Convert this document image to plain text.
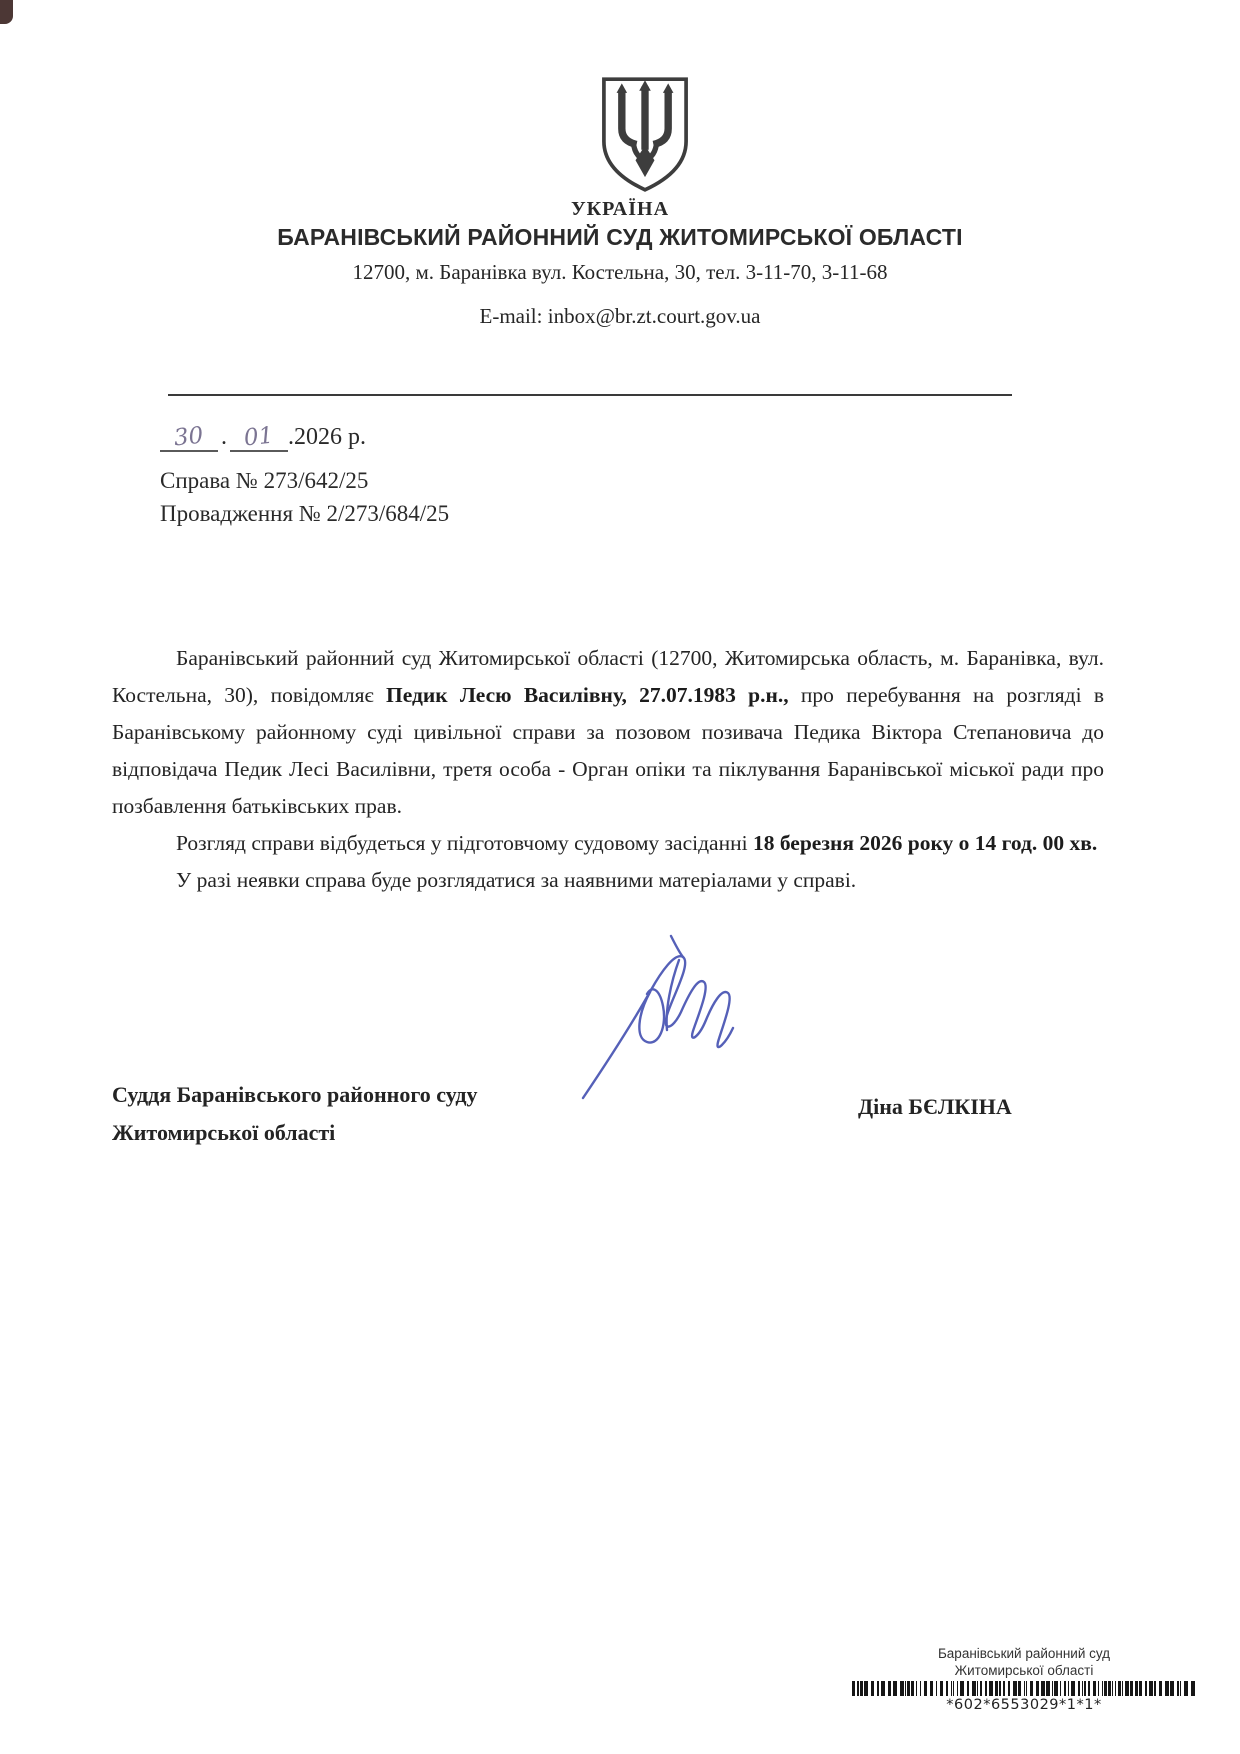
УКРАЇНА
БАРАНІВСЬКИЙ РАЙОННИЙ СУД ЖИТОМИРСЬКОЇ ОБЛАСТІ
12700, м. Баранівка вул. Костельна, 30, тел. 3-11-70, 3-11-68
E-mail: inbox@br.zt.court.gov.ua
30 . 01 .2026 р.
Справа № 273/642/25
Провадження № 2/273/684/25

Баранівський районний суд Житомирської області (12700, Житомирська область, м. Баранівка, вул. Костельна, 30), повідомляє Педик Лесю Василівну, 27.07.1983 р.н., про перебування на розгляді в Баранівському районному суді цивільної справи за позовом позивача Педика Віктора Степановича до відповідача Педик Лесі Василівни, третя особа - Орган опіки та піклування Баранівської міської ради про позбавлення батьківських прав.

Розгляд справи відбудеться у підготовчому судовому засіданні 18 березня 2026 року о 14 год. 00 хв.

У разі неявки справа буде розглядатися за наявними матеріалами у справі.

Суддя Баранівського районного суду
Житомирської області
Діна БЄЛКІНА
Баранівський районний суд
Житомирської області
*602*6553029*1*1*
